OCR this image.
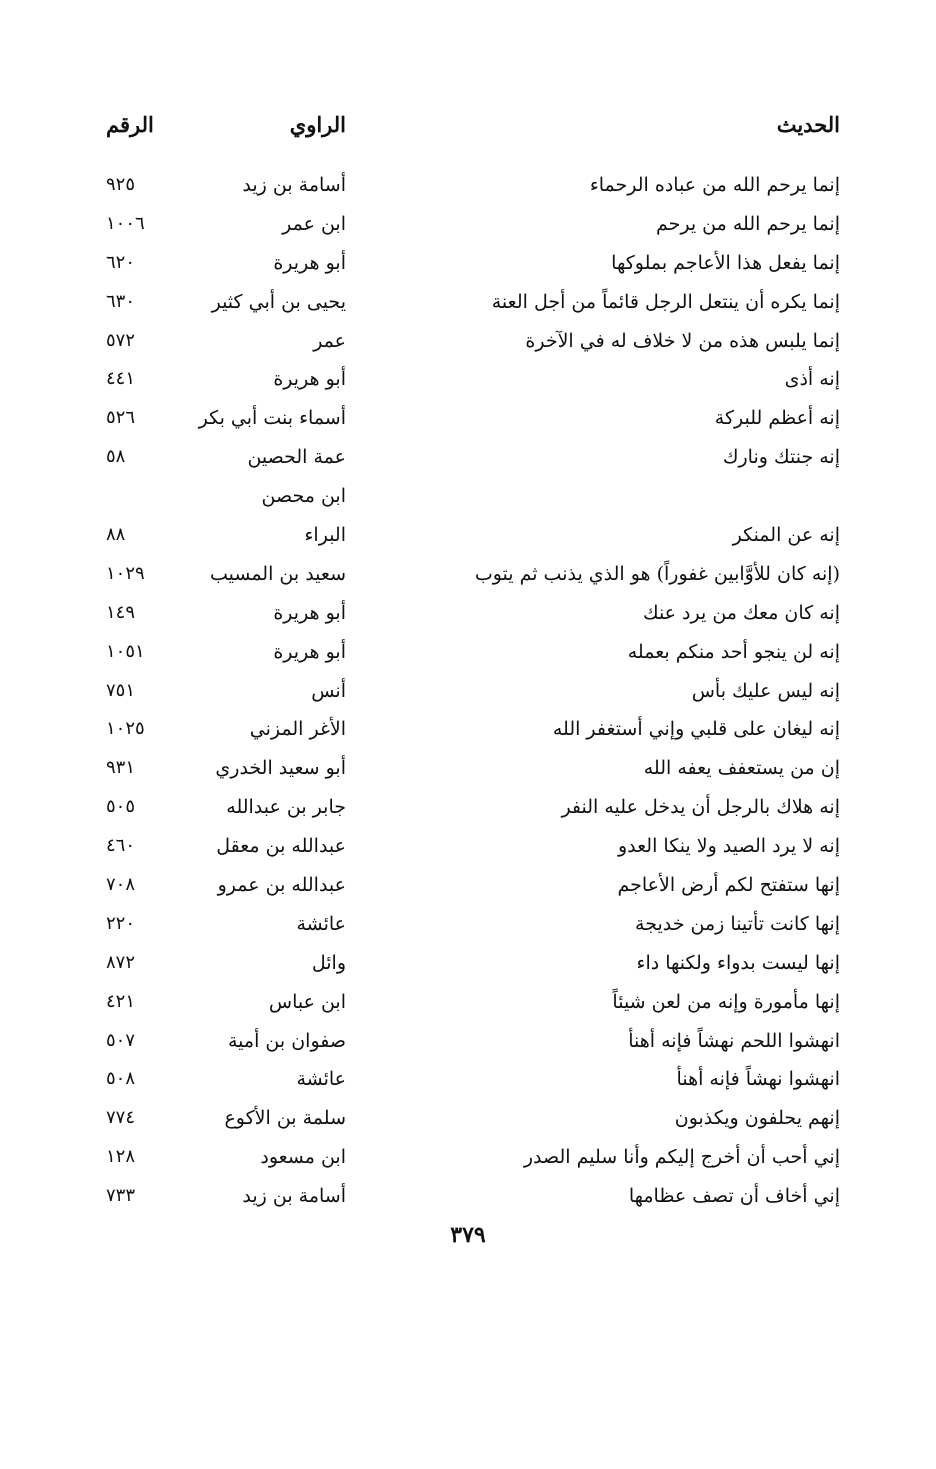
الحديث
الراوي
الرقم
إنما يرحم الله من عباده الرحماء
أسامة بن زيد
٩٢٥
إنما يرحم الله من يرحم
ابن عمر
١٠٠٦
إنما يفعل هذا الأعاجم بملوكها
أبو هريرة
٦٢٠
إنما يكره أن ينتعل الرجل قائماً من أجل العنة
يحيى بن أبي كثير
٦٣٠
إنما يلبس هذه من لا خلاف له في الآخرة
عمر
٥٧٢
إنه أذى
أبو هريرة
٤٤١
إنه أعظم للبركة
أسماء بنت أبي بكر
٥٢٦
إنه جنتك ونارك
عمة الحصين
٥٨
ابن محصن
إنه عن المنكر
البراء
٨٨
(إنه كان للأوَّابين غفوراً) هو الذي يذنب ثم يتوب
سعيد بن المسيب
١٠٢٩
إنه كان معك من يرد عنك
أبو هريرة
١٤٩
إنه لن ينجو أحد منكم بعمله
أبو هريرة
١٠٥١
إنه ليس عليك بأس
أنس
٧٥١
إنه ليغان على قلبي وإني أستغفر الله
الأغر المزني
١٠٢٥
إن من يستعفف يعفه الله
أبو سعيد الخدري
٩٣١
إنه هلاك بالرجل أن يدخل عليه النفر
جابر بن عبدالله
٥٠٥
إنه لا يرد الصيد ولا ينكا العدو
عبدالله بن معقل
٤٦٠
إنها ستفتح لكم أرض الأعاجم
عبدالله بن عمرو
٧٠٨
إنها كانت تأتينا زمن خديجة
عائشة
٢٢٠
إنها ليست بدواء ولكنها داء
وائل
٨٧٢
إنها مأمورة وإنه من لعن شيئاً
ابن عباس
٤٢١
انهشوا اللحم نهشاً فإنه أهنأ
صفوان بن أمية
٥٠٧
انهشوا نهشاً فإنه أهنأ
عائشة
٥٠٨
إنهم يحلفون ويكذبون
سلمة بن الأكوع
٧٧٤
إني أحب أن أخرج إليكم وأنا سليم الصدر
ابن مسعود
١٢٨
إني أخاف أن تصف عظامها
أسامة بن زيد
٧٣٣
٣٧٩
